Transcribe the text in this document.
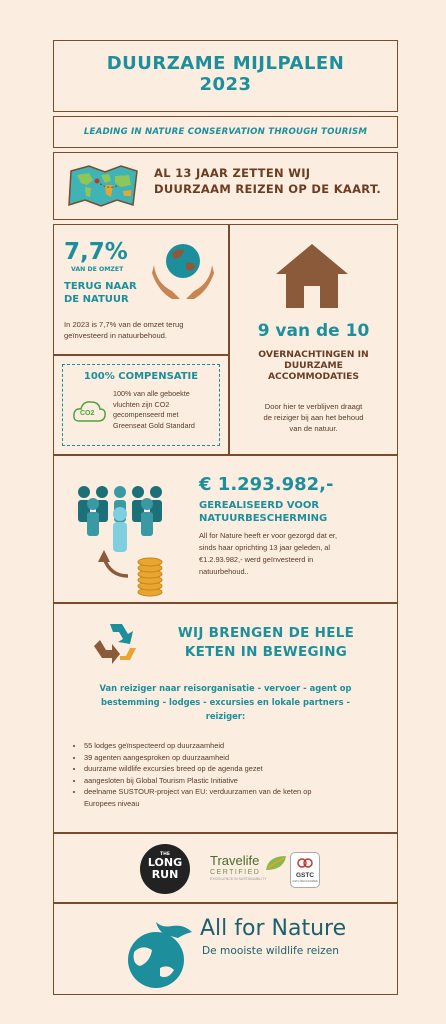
DUURZAME MIJLPALEN
2023
LEADING IN NATURE CONSERVATION THROUGH TOURISM
AL 13 JAAR ZETTEN WIJ
DUURZAAM REIZEN OP DE KAART.
7,7%
VAN DE OMZET
TERUG NAAR
DE NATUUR
In 2023 is 7,7% van de omzet terug
geïnvesteerd in natuurbehoud.
100% COMPENSATIE
CO2
100% van alle geboekte
vluchten zijn CO2
gecompenseerd met
Greenseat Gold Standard
9 van de 10
OVERNACHTINGEN IN
DUURZAME
ACCOMMODATIES
Door hier te verblijven draagt
de reiziger bij aan het behoud
van de natuur.
€ 1.293.982,-
GEREALISEERD VOOR
NATUURBESCHERMING
All for Nature heeft er voor gezorgd dat er,
sinds haar oprichting 13 jaar geleden, al
€1.2.93.982,- werd geïnvesteerd in
natuurbehoud..
WIJ BRENGEN DE HELE
KETEN IN BEWEGING
Van reiziger naar reisorganisatie - vervoer - agent op
bestemming - lodges - excursies en lokale partners -
reiziger:
• 55 lodges geïnspecteerd op duurzaamheid
• 39 agenten aangesproken op duurzaamheid
• duurzame wildlife excursies breed op de agenda gezet
• aangesloten bij Global Tourism Plastic Initiative
• deelname SUSTOUR-project van EU: verduurzamen van de keten op
Europees niveau
THE
LONG
RUN
Travelife
CERTIFIED
EXCELLENCE IN SUSTAINABILITY	GSTC
GSTC-RECOGNIZED
All for Nature
De mooiste wildlife reizen
